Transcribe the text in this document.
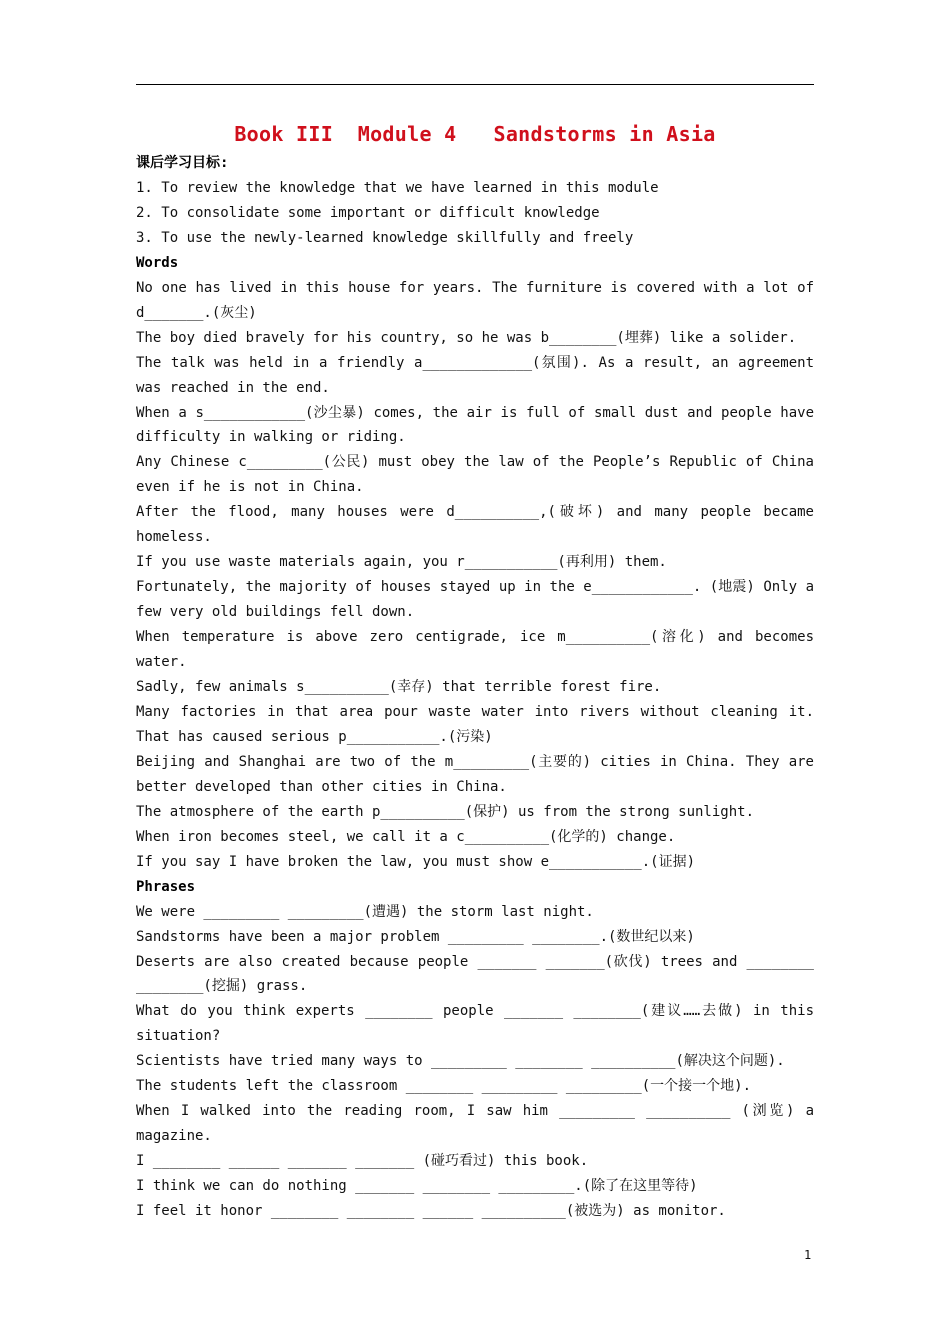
Book III  Module 4   Sandstorms in Asia

课后学习目标:

1. To review the knowledge that we have learned in this module

2. To consolidate some important or difficult knowledge

3. To use the newly-learned knowledge skillfully and freely

Words

No one has lived in this house for years. The furniture is covered with a lot of d_______.(灰尘)

The boy died bravely for his country, so he was b________(埋葬) like a solider.

The talk was held in a friendly a_____________(氛围). As a result, an agreement was reached in the end.

When a s____________(沙尘暴) comes, the air is full of small dust and people have difficulty in walking or riding.

Any Chinese c_________(公民) must obey the law of the People’s Republic of China even if he is not in China.

After the flood, many houses were d__________,(破坏) and many people became homeless.

If you use waste materials again, you r___________(再利用) them.

Fortunately, the majority of houses stayed up in the e____________. (地震) Only a few very old buildings fell down.

When temperature is above zero centigrade, ice m__________(溶化) and becomes water.

Sadly, few animals s__________(幸存) that terrible forest fire.

Many factories in that area pour waste water into rivers without cleaning it. That has caused serious p___________.(污染)

Beijing and Shanghai are two of the m_________(主要的) cities in China. They are better developed than other cities in China.

The atmosphere of the earth p__________(保护) us from the strong sunlight.

When iron becomes steel, we call it a c__________(化学的) change.

If you say I have broken the law, you must show e___________.(证据)

Phrases

We were _________ _________(遭遇) the storm last night.

Sandstorms have been a major problem _________ ________.(数世纪以来)

Deserts are also created because people _______ _______(砍伐) trees and ________ ________(挖掘) grass.

What do you think experts ________ people _______ ________(建议……去做) in this situation?

Scientists have tried many ways to _________ ________ __________(解决这个问题).

The students left the classroom ________ _________ _________(一个接一个地).

When I walked into the reading room, I saw him _________ __________ (浏览) a magazine.

I ________ ______ _______ _______ (碰巧看过) this book.

I think we can do nothing _______ ________ _________.(除了在这里等待)

I feel it honor ________ ________ ______ __________(被选为) as monitor.

1
